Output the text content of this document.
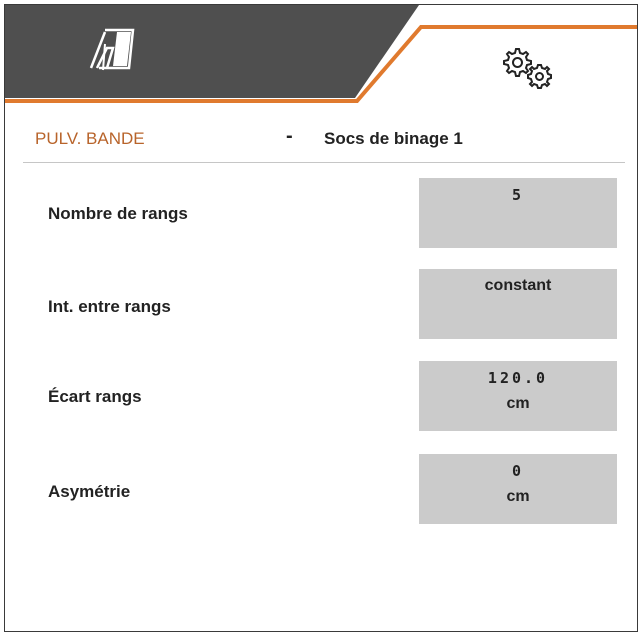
PULV. BANDE	- Socs de binage 1
Nombre de rangs
5
Int. entre rangs
constant
Écart rangs
120.0
cm
Asymétrie
0
cm
